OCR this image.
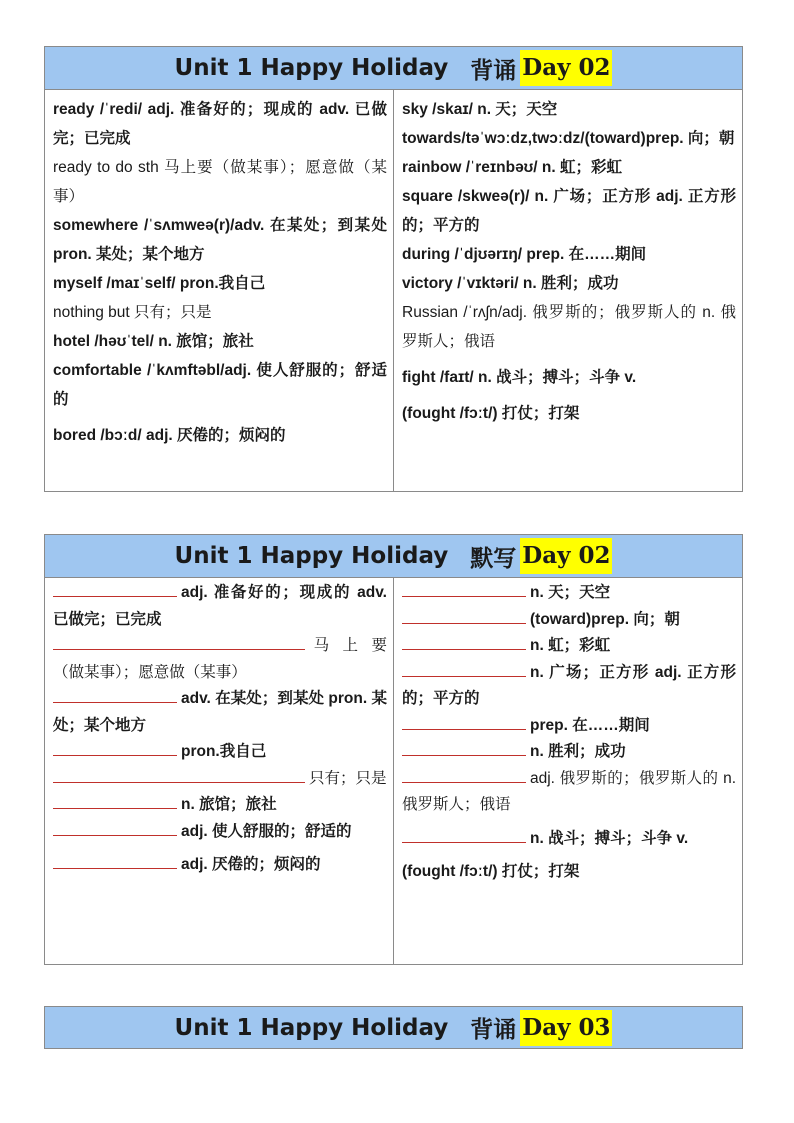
Unit 1 Happy Holiday 背诵 Day 02
ready /ˈredi/ adj. 准备好的；现成的 adv. 已做完；已完成
ready to do sth 马上要（做某事）；愿意做（某事）
somewhere /ˈsʌmweə(r)/adv. 在某处；到某处 pron. 某处；某个地方
myself /maɪˈself/ pron.我自己
nothing but 只有；只是
hotel /həʊˈtel/ n. 旅馆；旅社
comfortable /ˈkʌmftəbl/adj. 使人舒服的；舒适的
bored /bɔːd/ adj. 厌倦的；烦闷的
sky /skaɪ/ n. 天；天空
towards/təˈwɔːdz,twɔːdz/(toward)prep. 向；朝
rainbow /ˈreɪnbəʊ/ n. 虹；彩虹
square /skweə(r)/ n. 广场；正方形 adj. 正方形的；平方的
during /ˈdjʊərɪŋ/ prep. 在……期间
victory /ˈvɪktəri/ n. 胜利；成功
Russian /ˈrʌʃn/adj. 俄罗斯的；俄罗斯人的 n. 俄罗斯人；俄语
fight /faɪt/ n. 战斗；搏斗；斗争 v.
(fought /fɔːt/) 打仗；打架
Unit 1 Happy Holiday 默写 Day 02
adj. 准备好的；现成的 adv. 已做完；已完成
马 上 要（做某事）；愿意做（某事）
adv. 在某处；到某处 pron. 某处；某个地方
pron.我自己
只有；只是
n. 旅馆；旅社
adj. 使人舒服的；舒适的
adj. 厌倦的；烦闷的
n. 天；天空
(toward)prep. 向；朝
n. 虹；彩虹
n. 广场；正方形 adj. 正方形的；平方的
prep. 在……期间
n. 胜利；成功
adj. 俄罗斯的；俄罗斯人的 n. 俄罗斯人；俄语
n. 战斗；搏斗；斗争 v.
(fought /fɔːt/) 打仗；打架
Unit 1 Happy Holiday 背诵 Day 03
